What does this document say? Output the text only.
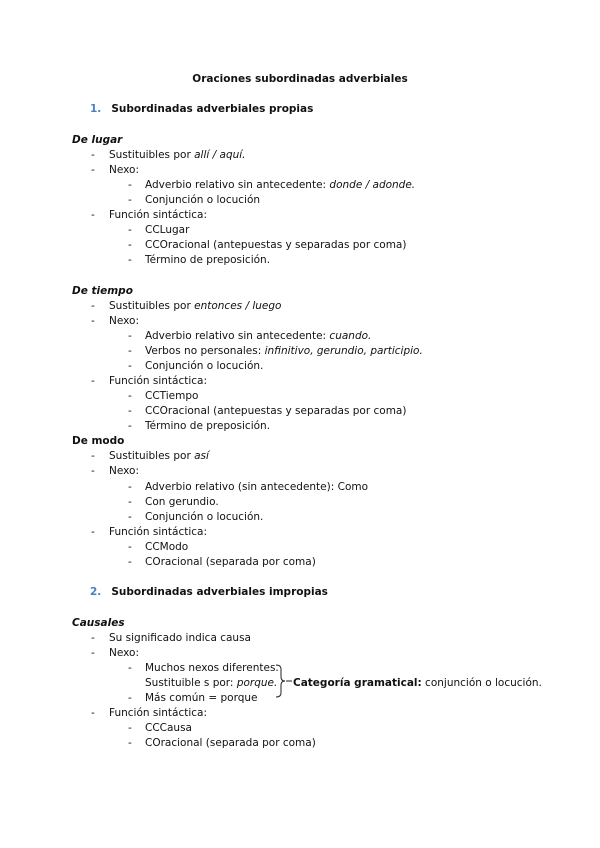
Oraciones subordinadas adverbiales
1. Subordinadas adverbiales propias
De lugar
- Sustituibles por allí / aquí.
- Nexo:
- Adverbio relativo sin antecedente: donde / adonde.
- Conjunción o locución
- Función sintáctica:
- CCLugar
- CCOracional (antepuestas y separadas por coma)
- Término de preposición.
De tiempo
- Sustituibles por entonces / luego
- Nexo:
- Adverbio relativo sin antecedente: cuando.
- Verbos no personales: infinitivo, gerundio, participio.
- Conjunción o locución.
- Función sintáctica:
- CCTiempo
- CCOracional (antepuestas y separadas por coma)
- Término de preposición.
De modo
- Sustituibles por así
- Nexo:
- Adverbio relativo (sin antecedente): Como
- Con gerundio.
- Conjunción o locución.
- Función sintáctica:
- CCModo
- COracional (separada por coma)
2. Subordinadas adverbiales impropias
Causales
- Su significado indica causa
- Nexo:
- Muchos nexos diferentes.
Sustituible s por: porque.
- Más común = porque
Categoría gramatical: conjunción o locución.
- Función sintáctica:
- CCCausa
- COracional (separada por coma)
